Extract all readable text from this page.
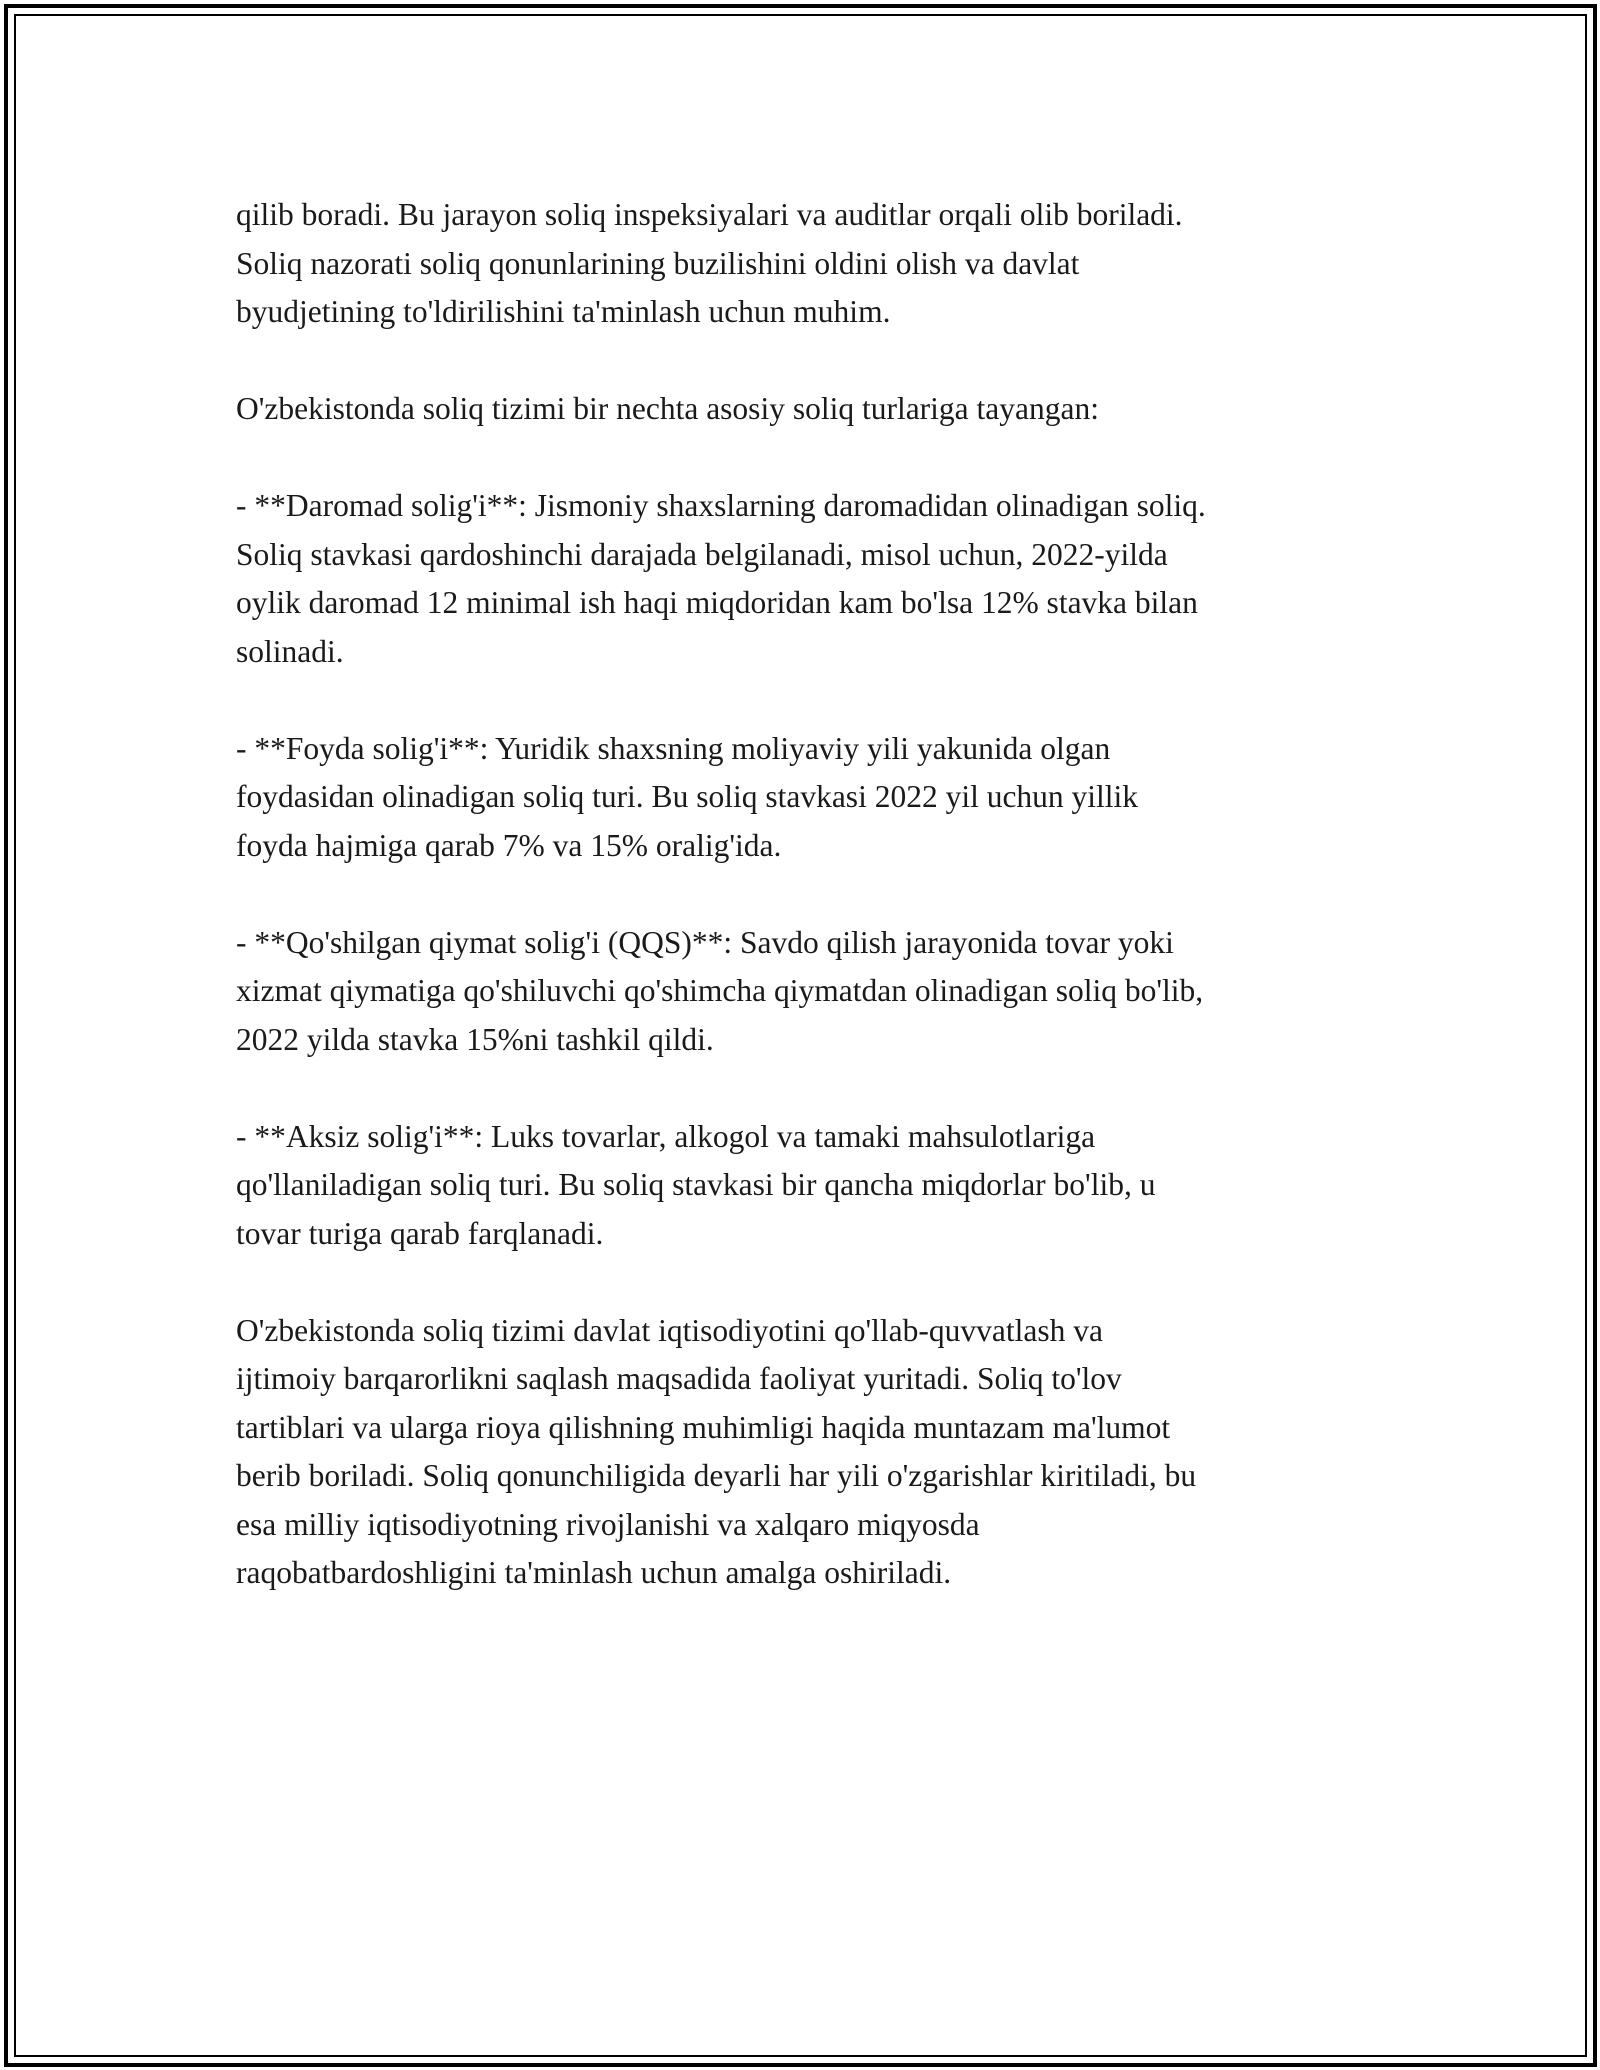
qilib boradi. Bu jarayon soliq inspeksiyalari va auditlar orqali olib boriladi.
Soliq nazorati soliq qonunlarining buzilishini oldini olish va davlat
byudjetining to'ldirilishini ta'minlash uchun muhim.

O'zbekistonda soliq tizimi bir nechta asosiy soliq turlariga tayangan:

- **Daromad solig'i**: Jismoniy shaxslarning daromadidan olinadigan soliq.
Soliq stavkasi qardoshinchi darajada belgilanadi, misol uchun, 2022-yilda
oylik daromad 12 minimal ish haqi miqdoridan kam bo'lsa 12% stavka bilan
solinadi.

- **Foyda solig'i**: Yuridik shaxsning moliyaviy yili yakunida olgan
foydasidan olinadigan soliq turi. Bu soliq stavkasi 2022 yil uchun yillik
foyda hajmiga qarab 7% va 15% oralig'ida.

- **Qo'shilgan qiymat solig'i (QQS)**: Savdo qilish jarayonida tovar yoki
xizmat qiymatiga qo'shiluvchi qo'shimcha qiymatdan olinadigan soliq bo'lib,
2022 yilda stavka 15%ni tashkil qildi.

- **Aksiz solig'i**: Luks tovarlar, alkogol va tamaki mahsulotlariga
qo'llaniladigan soliq turi. Bu soliq stavkasi bir qancha miqdorlar bo'lib, u
tovar turiga qarab farqlanadi.

O'zbekistonda soliq tizimi davlat iqtisodiyotini qo'llab-quvvatlash va
ijtimoiy barqarorlikni saqlash maqsadida faoliyat yuritadi. Soliq to'lov
tartiblari va ularga rioya qilishning muhimligi haqida muntazam ma'lumot
berib boriladi. Soliq qonunchiligida deyarli har yili o'zgarishlar kiritiladi, bu
esa milliy iqtisodiyotning rivojlanishi va xalqaro miqyosda
raqobatbardoshligini ta'minlash uchun amalga oshiriladi.
